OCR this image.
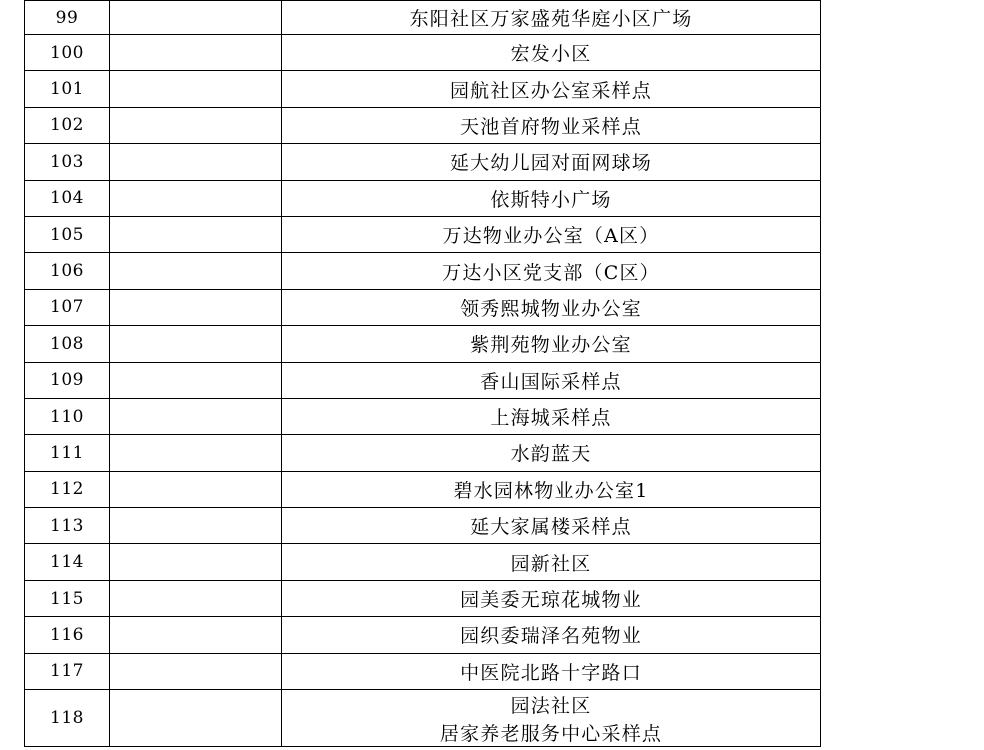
99		东阳社区万家盛苑华庭小区广场
100		宏发小区
101		园航社区办公室采样点
102		天池首府物业采样点
103		延大幼儿园对面网球场
104		依斯特小广场
105		万达物业办公室（A区）
106		万达小区党支部（C区）
107		领秀熙城物业办公室
108		紫荆苑物业办公室
109		香山国际采样点
110		上海城采样点
111		水韵蓝天
112		碧水园林物业办公室1
113		延大家属楼采样点
114		园新社区
115		园美委无琼花城物业
116		园织委瑞泽名苑物业
117		中医院北路十字路口
118		园法社区
居家养老服务中心采样点
